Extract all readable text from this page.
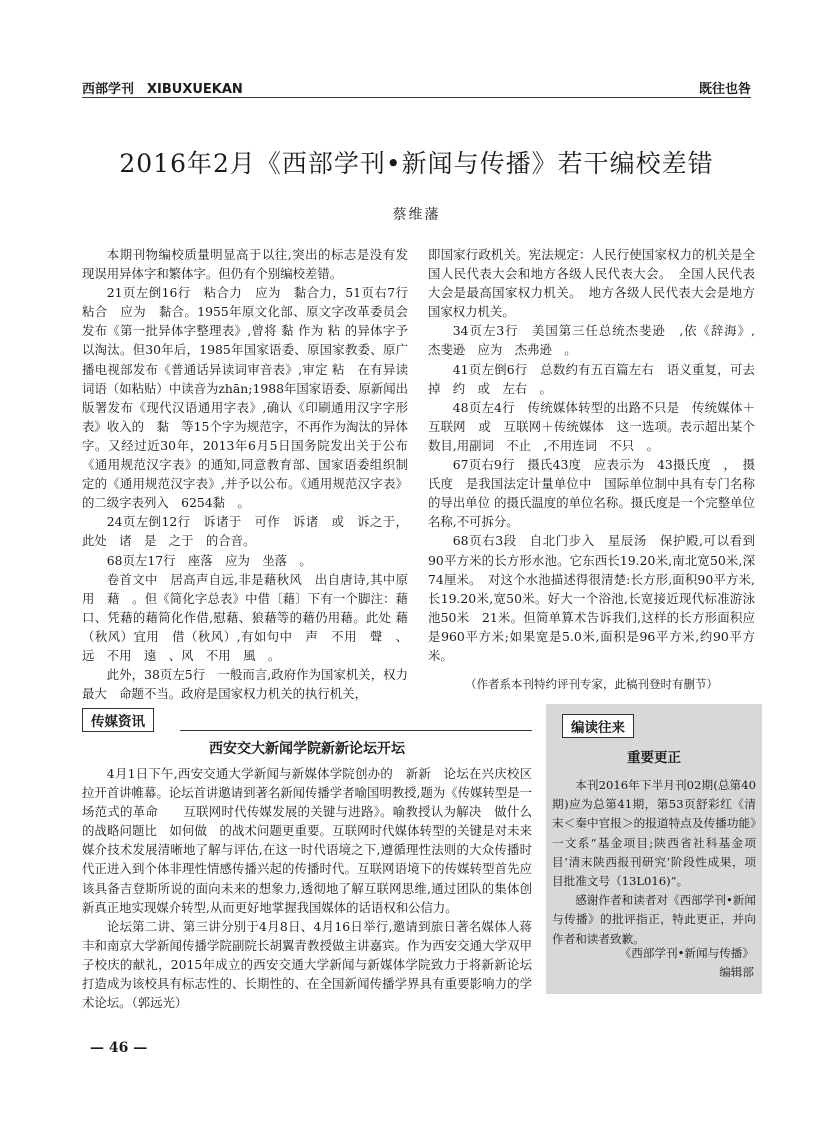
西部学刊　XIBUXUEKAN	既往也咎
2016年2月《西部学刊•新闻与传播》若干编校差错
蔡维藩

本期刊物编校质量明显高于以往,突出的标志是没有发现误用异体字和繁体字。但仍有个别编校差错。

21页左倒16行　粘合力　应为　黏合力，51页右7行　粘合　应为　黏合。1955年原文化部、原文字改革委员会发布《第一批异体字整理表》,曾将 黏 作为 粘 的异体字予以淘汰。但30年后，1985年国家语委、原国家教委、原广播电视部发布《普通话异读词审音表》,审定 粘　在有异读词语（如粘贴）中读音为zhān;1988年国家语委、原新闻出版署发布《现代汉语通用字表》,确认《印刷通用汉字字形表》收入的　黏　等15个字为规范字，不再作为淘汰的异体字。又经过近30年，2013年6月5日国务院发出关于公布《通用规范汉字表》的通知,同意教育部、国家语委组织制定的《通用规范汉字表》,并予以公布。《通用规范汉字表》的二级字表列入　6254黏　。

24页左倒12行　诉诸于　可作　诉诸　或　诉之于，此处　诸　是　之于　的合音。

68页左17行　座落　应为　坐落　。

卷首文中　居高声自远,非是藉秋风　出自唐诗,其中原用　藉　。但《简化字总表》中借〔藉〕下有一个脚注：藉口、凭藉的藉简化作借,慰藉、狼藉等的藉仍用藉。此处 藉（秋风）宜用　借（秋风）,有如句中　声　不用　聲　、远　不用　遠　、风　不用　風　。

此外，38页左5行　一般而言,政府作为国家机关，权力最大　命题不当。政府是国家权力机关的执行机关，

即国家行政机关。宪法规定：人民行使国家权力的机关是全国人民代表大会和地方各级人民代表大会。　全国人民代表大会是最高国家权力机关。　地方各级人民代表大会是地方国家权力机关。

34页左3行　美国第三任总统杰斐逊　,依《辞海》,　杰斐逊　应为　杰弗逊　。

41页左倒6行　总数约有五百篇左右　语义重复，可去掉　约　或　左右　。

48页左4行　传统媒体转型的出路不只是　传统媒体＋互联网　或　互联网＋传统媒体　这一选项。表示超出某个数目,用副词　不止　,不用连词　不只　。

67页右9行　摄氏43度　应表示为　43摄氏度　，　摄氏度　是我国法定计量单位中　国际单位制中具有专门名称的导出单位 的摄氏温度的单位名称。摄氏度是一个完整单位名称,不可拆分。

68页右3段　自北门步入　星辰汤　保护殿,可以看到90平方米的长方形水池。它东西长19.20米,南北宽50米,深74厘米。　对这个水池描述得很清楚:长方形,面积90平方米,长19.20米,宽50米。好大一个浴池,长宽接近现代标准游泳池50米　21米。但简单算术告诉我们,这样的长方形面积应是960平方米;如果宽是5.0米,面积是96平方米,约90平方米。

（作者系本刊特约评刊专家，此稿刊登时有删节）

传媒资讯
西安交大新闻学院新新论坛开坛

4月1日下午,西安交通大学新闻与新媒体学院创办的　新新　论坛在兴庆校区拉开首讲帷幕。论坛首讲邀请到著名新闻传播学者喻国明教授,题为《传媒转型是一场范式的革命　　互联网时代传媒发展的关键与进路》。喻教授认为解决　做什么　的战略问题比　如何做　的战术问题更重要。互联网时代媒体转型的关键是对未来媒介技术发展清晰地了解与评估,在这一时代语境之下,遵循理性法则的大众传播时代正进入到个体非理性情感传播兴起的传播时代。互联网语境下的传媒转型首先应该具备吉登斯所说的面向未来的想象力,透彻地了解互联网思维,通过团队的集体创新真正地实现媒介转型,从而更好地掌握我国媒体的话语权和公信力。

论坛第二讲、第三讲分别于4月8日、4月16日举行,邀请到旅日著名媒体人蒋丰和南京大学新闻传播学院副院长胡翼青教授做主讲嘉宾。作为西安交通大学双甲子校庆的献礼，2015年成立的西安交通大学新闻与新媒体学院致力于将新新论坛打造成为该校具有标志性的、长期性的、在全国新闻传播学界具有重要影响力的学术论坛。（郭远光）

编读往来
重要更正

本刊2016年下半月刊02期(总第40期)应为总第41期，第53页舒彩红《清末＜秦中官报＞的报道特点及传播功能》一文系“基金项目;陕西省社科基金项目‘清末陕西报刊研究’阶段性成果，项目批准文号（13L016)”。

感谢作者和读者对《西部学刊•新闻与传播》的批评指正，特此更正，并向作者和读者致歉。

《西部学刊•新闻与传播》
编辑部
— 46 —
